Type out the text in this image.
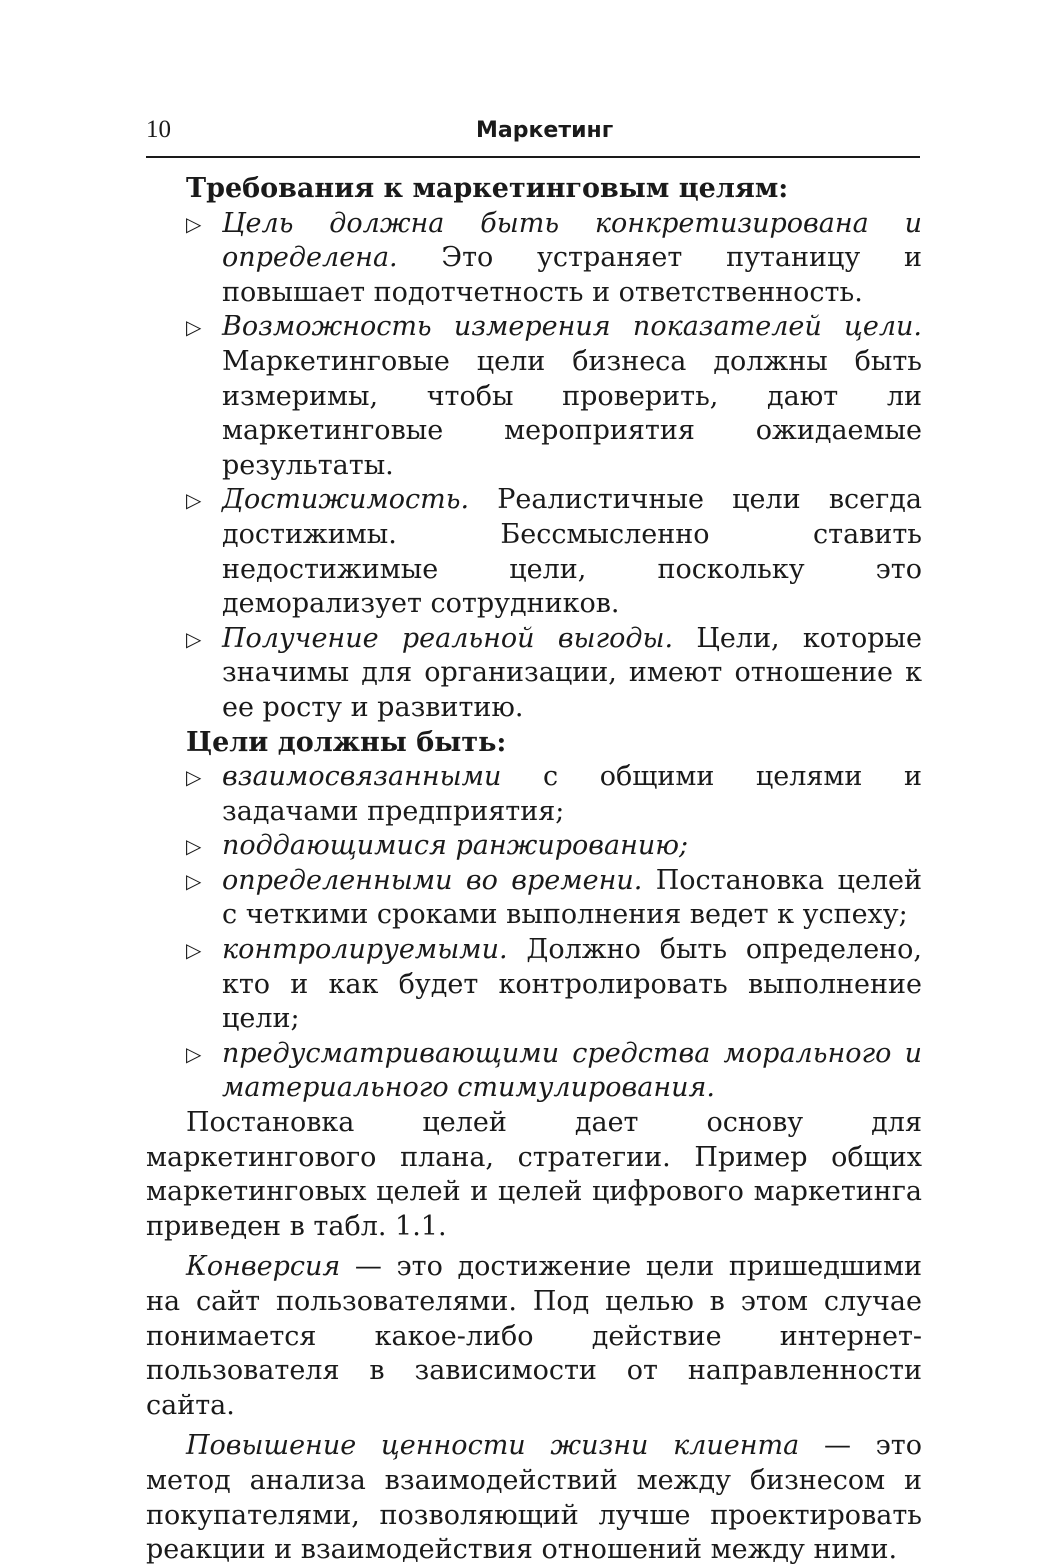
10	Маркетинг

Требования к маркетинговым целям:

▷ Цель должна быть конкретизирована и определена. Это устраняет путаницу и повышает подотчетность и ответственность.
▷ Возможность измерения показателей цели. Маркетинговые цели бизнеса должны быть измеримы, чтобы проверить, дают ли маркетинговые мероприятия ожидаемые результаты.
▷ Достижимость. Реалистичные цели всегда достижимы. Бессмысленно ставить недостижимые цели, поскольку это деморализует сотрудников.
▷ Получение реальной выгоды. Цели, которые значимы для организации, имеют отношение к ее росту и развитию.

Цели должны быть:

▷ взаимосвязанными с общими целями и задачами предприятия;
▷ поддающимися ранжированию;
▷ определенными во времени. Постановка целей с четкими сроками выполнения ведет к успеху;
▷ контролируемыми. Должно быть определено, кто и как будет контролировать выполнение цели;
▷ предусматривающими средства морального и материального стимулирования.

Постановка целей дает основу для маркетингового плана, стратегии. Пример общих маркетинговых целей и целей цифрового маркетинга приведен в табл. 1.1.

Конверсия — это достижение цели пришедшими на сайт пользователями. Под целью в этом случае понимается какое-либо действие интернет-пользователя в зависимости от направленности сайта.

Повышение ценности жизни клиента — это метод анализа взаимодействий между бизнесом и покупателями, позволяющий лучше проектировать реакции и взаимодействия отношений между ними.
